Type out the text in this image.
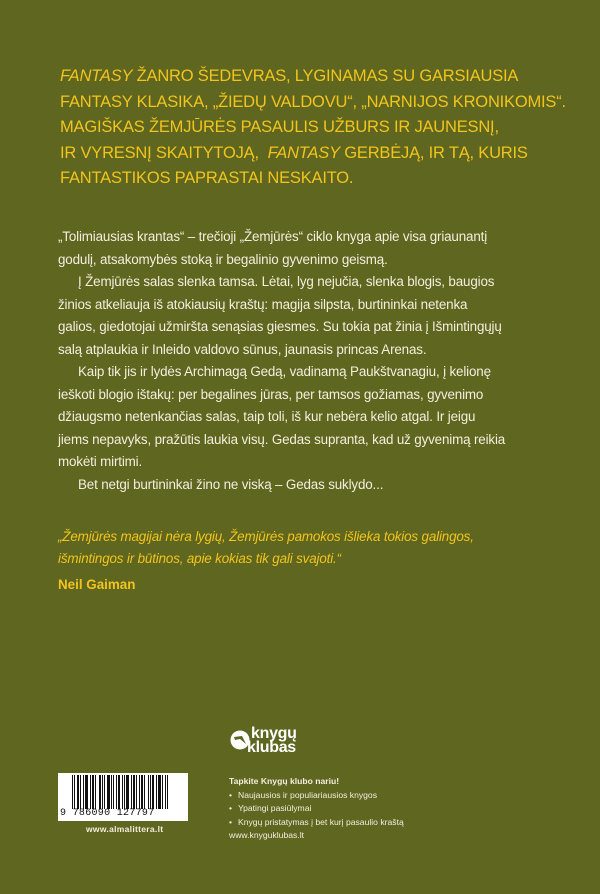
FANTASY ŽANRO ŠEDEVRAS, LYGINAMAS SU GARSIAUSIA
FANTASY KLASIKA, „ŽIEDŲ VALDOVU“, „NARNIJOS KRONIKOMIS“.
MAGIŠKAS ŽEMJŪRĖS PASAULIS UŽBURS IR JAUNESNĮ,
IR VYRESNĮ SKAITYTOJĄ,  FANTASY GERBĖJĄ, IR TĄ, KURIS
FANTASTIKOS PAPRASTAI NESKAITO.
„Tolimiausias krantas“ – trečioji „Žemjūrės“ ciklo knyga apie visa griaunantį
godulį, atsakomybės stoką ir begalinio gyvenimo geismą.
Į Žemjūrės salas slenka tamsa. Lėtai, lyg nejučia, slenka blogis, baugios
žinios atkeliauja iš atokiausių kraštų: magija silpsta, burtininkai netenka
galios, giedotojai užmiršta senąsias giesmes. Su tokia pat žinia į Išmintingųjų
salą atplaukia ir Inleido valdovo sūnus, jaunasis princas Arenas.
Kaip tik jis ir lydės Archimagą Gedą, vadinamą Paukštvanagiu, į kelionę
ieškoti blogio ištakų: per begalines jūras, per tamsos gožiamas, gyvenimo
džiaugsmo netenkančias salas, taip toli, iš kur nebėra kelio atgal. Ir jeigu
jiems nepavyks, pražūtis laukia visų. Gedas supranta, kad už gyvenimą reikia
mokėti mirtimi.
Bet netgi burtininkai žino ne viską – Gedas suklydo...
„Žemjūrės magijai nėra lygių, Žemjūrės pamokos išlieka tokios galingos,
išmintingos ir būtinos, apie kokias tik gali svajoti.“
Neil Gaiman
9 786090 127797
www.almalittera.lt
knygų
klubas
Tapkite Knygų klubo nariu!
• Naujausios ir populiariausios knygos
• Ypatingi pasiūlymai
• Knygų pristatymas į bet kurį pasaulio kraštą
www.knyguklubas.lt
